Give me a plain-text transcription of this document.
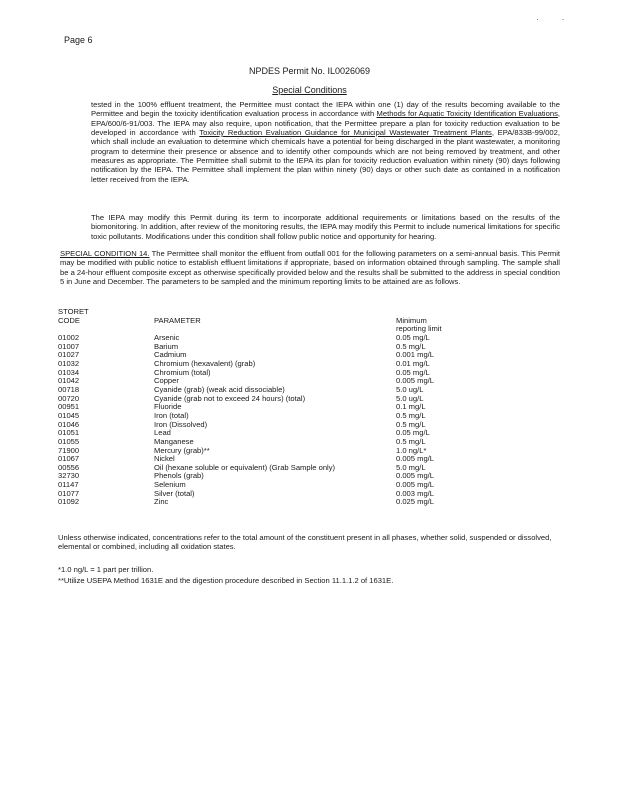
· ·
Page 6
NPDES Permit No. IL0026069
Special Conditions

tested in the 100% effluent treatment, the Permittee must contact the IEPA within one (1) day of the results becoming available to the Permittee and begin the toxicity identification evaluation process in accordance with Methods for Aquatic Toxicity Identification Evaluations, EPA/600/6-91/003. The IEPA may also require, upon notification, that the Permittee prepare a plan for toxicity reduction evaluation to be developed in accordance with Toxicity Reduction Evaluation Guidance for Municipal Wastewater Treatment Plants, EPA/833B-99/002, which shall include an evaluation to determine which chemicals have a potential for being discharged in the plant wastewater, a monitoring program to determine their presence or absence and to identify other compounds which are not being removed by treatment, and other measures as appropriate. The Permittee shall submit to the IEPA its plan for toxicity reduction evaluation within ninety (90) days following notification by the IEPA. The Permittee shall implement the plan within ninety (90) days or other such date as contained in a notification letter received from the IEPA.

The IEPA may modify this Permit during its term to incorporate additional requirements or limitations based on the results of the biomonitoring. In addition, after review of the monitoring results, the IEPA may modify this Permit to include numerical limitations for specific toxic pollutants. Modifications under this condition shall follow public notice and opportunity for hearing.

SPECIAL CONDITION 14. The Permittee shall monitor the effluent from outfall 001 for the following parameters on a semi-annual basis. This Permit may be modified with public notice to establish effluent limitations if appropriate, based on information obtained through sampling. The sample shall be a 24-hour effluent composite except as otherwise specifically provided below and the results shall be submitted to the address in special condition 5 in June and December. The parameters to be sampled and the minimum reporting limits to be attained are as follows.

STORET		
CODE	PARAMETER	Minimum
		reporting limit
01002	Arsenic	0.05 mg/L
01007	Barium	0.5 mg/L
01027	Cadmium	0.001 mg/L
01032	Chromium (hexavalent) (grab)	0.01 mg/L
01034	Chromium (total)	0.05 mg/L
01042	Copper	0.005 mg/L
00718	Cyanide (grab) (weak acid dissociable)	5.0 ug/L
00720	Cyanide (grab not to exceed 24 hours) (total)	5.0 ug/L
00951	Fluoride	0.1 mg/L
01045	Iron (total)	0.5 mg/L
01046	Iron (Dissolved)	0.5 mg/L
01051	Lead	0.05 mg/L
01055	Manganese	0.5 mg/L
71900	Mercury (grab)**	1.0 ng/L*
01067	Nickel	0.005 mg/L
00556	Oil (hexane soluble or equivalent) (Grab Sample only)	5.0 mg/L
32730	Phenols (grab)	0.005 mg/L
01147	Selenium	0.005 mg/L
01077	Silver (total)	0.003 mg/L
01092	Zinc	0.025 mg/L

Unless otherwise indicated, concentrations refer to the total amount of the constituent present in all phases, whether solid, suspended or dissolved, elemental or combined, including all oxidation states.

*1.0 ng/L = 1 part per trillion.
**Utilize USEPA Method 1631E and the digestion procedure described in Section 11.1.1.2 of 1631E.
